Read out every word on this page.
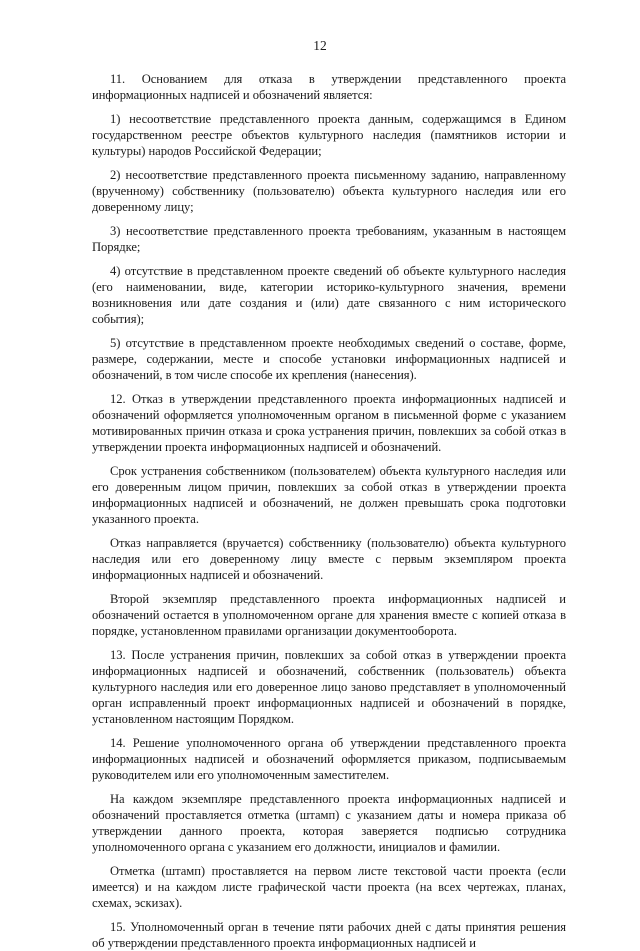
12

11. Основанием для отказа в утверждении представленного проекта информационных надписей и обозначений является:

1) несоответствие представленного проекта данным, содержащимся в Едином государственном реестре объектов культурного наследия (памятников истории и культуры) народов Российской Федерации;

2) несоответствие представленного проекта письменному заданию, направленному (врученному) собственнику (пользователю) объекта культурного наследия или его доверенному лицу;

3) несоответствие представленного проекта требованиям, указанным в настоящем Порядке;

4) отсутствие в представленном проекте сведений об объекте культурного наследия (его наименовании, виде, категории историко-культурного значения, времени возникновения или дате создания и (или) дате связанного с ним исторического события);

5) отсутствие в представленном проекте необходимых сведений о составе, форме, размере, содержании, месте и способе установки информационных надписей и обозначений, в том числе способе их крепления (нанесения).

12. Отказ в утверждении представленного проекта информационных надписей и обозначений оформляется уполномоченным органом в письменной форме с указанием мотивированных причин отказа и срока устранения причин, повлекших за собой отказ в утверждении проекта информационных надписей и обозначений.

Срок устранения собственником (пользователем) объекта культурного наследия или его доверенным лицом причин, повлекших за собой отказ в утверждении проекта информационных надписей и обозначений, не должен превышать срока подготовки указанного проекта.

Отказ направляется (вручается) собственнику (пользователю) объекта культурного наследия или его доверенному лицу вместе с первым экземпляром проекта информационных надписей и обозначений.

Второй экземпляр представленного проекта информационных надписей и обозначений остается в уполномоченном органе для хранения вместе с копией отказа в порядке, установленном правилами организации документооборота.

13. После устранения причин, повлекших за собой отказ в утверждении проекта информационных надписей и обозначений, собственник (пользователь) объекта культурного наследия или его доверенное лицо заново представляет в уполномоченный орган исправленный проект информационных надписей и обозначений в порядке, установленном настоящим Порядком.

14. Решение уполномоченного органа об утверждении представленного проекта информационных надписей и обозначений оформляется приказом, подписываемым руководителем или его уполномоченным заместителем.

На каждом экземпляре представленного проекта информационных надписей и обозначений проставляется отметка (штамп) с указанием даты и номера приказа об утверждении данного проекта, которая заверяется подписью сотрудника уполномоченного органа с указанием его должности, инициалов и фамилии.

Отметка (штамп) проставляется на первом листе текстовой части проекта (если имеется) и на каждом листе графической части проекта (на всех чертежах, планах, схемах, эскизах).

15. Уполномоченный орган в течение пяти рабочих дней с даты принятия решения об утверждении представленного проекта информационных надписей и
